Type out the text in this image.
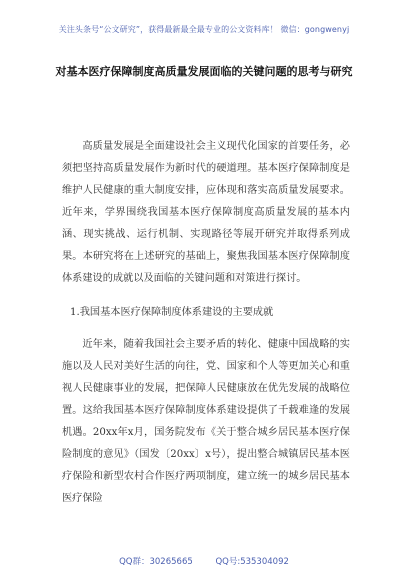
关注头条号“公文研究”，获得最新最全最专业的公文资料库！ 微信：gongwenyj
对基本医疗保障制度高质量发展面临的关键问题的思考与研究

高质量发展是全面建设社会主义现代化国家的首要任务，必须把坚持高质量发展作为新时代的硬道理。基本医疗保障制度是维护人民健康的重大制度安排，应体现和落实高质量发展要求。近年来，学界围绕我国基本医疗保障制度高质量发展的基本内涵、现实挑战、运行机制、实现路径等展开研究并取得系列成果。本研究将在上述研究的基础上，聚焦我国基本医疗保障制度体系建设的成就以及面临的关键问题和对策进行探讨。

1.我国基本医疗保障制度体系建设的主要成就

近年来，随着我国社会主要矛盾的转化、健康中国战略的实施以及人民对美好生活的向往，党、国家和个人等更加关心和重视人民健康事业的发展，把保障人民健康放在优先发展的战略位置。这给我国基本医疗保障制度体系建设提供了千载难逢的发展机遇。20xx年x月，国务院发布《关于整合城乡居民基本医疗保险制度的意见》（国发〔20xx〕x号），提出整合城镇居民基本医疗保险和新型农村合作医疗两项制度，建立统一的城乡居民基本医疗保险

QQ群：30265665	QQ号:535304092
